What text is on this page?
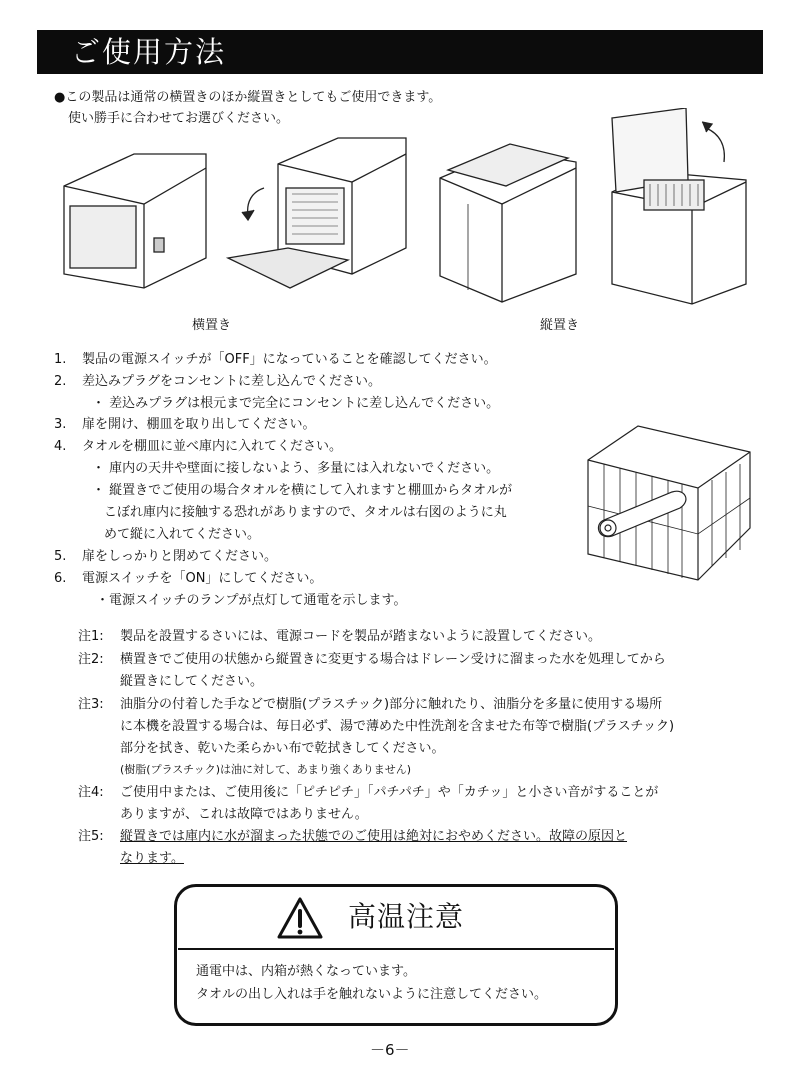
ご使用方法
●この製品は通常の横置きのほか縦置きとしてもご使用できます。
使い勝手に合わせてお選びください。
横置き	縦置き
1. 製品の電源スイッチが「OFF」になっていることを確認してください。
2. 差込みプラグをコンセントに差し込んでください。
・ 差込みプラグは根元まで完全にコンセントに差し込んでください。
3. 扉を開け、棚皿を取り出してください。
4. タオルを棚皿に並べ庫内に入れてください。
・ 庫内の天井や壁面に接しないよう、多量には入れないでください。
・ 縦置きでご使用の場合タオルを横にして入れますと棚皿からタオルが
こぼれ庫内に接触する恐れがありますので、タオルは右図のように丸
めて縦に入れてください。
5. 扉をしっかりと閉めてください。
6. 電源スイッチを「ON」にしてください。
・電源スイッチのランプが点灯して通電を示します。
注1: 製品を設置するさいには、電源コードを製品が踏まないように設置してください。
注2: 横置きでご使用の状態から縦置きに変更する場合はドレーン受けに溜まった水を処理してから
縦置きにしてください。
注3: 油脂分の付着した手などで樹脂(プラスチック)部分に触れたり、油脂分を多量に使用する場所
に本機を設置する場合は、毎日必ず、湯で薄めた中性洗剤を含ませた布等で樹脂(プラスチック)
部分を拭き、乾いた柔らかい布で乾拭きしてください。
(樹脂(プラスチック)は油に対して、あまり強くありません)
注4: ご使用中または、ご使用後に「ピチピチ」「パチパチ」や「カチッ」と小さい音がすることが
ありますが、これは故障ではありません。
注5: 縦置きでは庫内に水が溜まった状態でのご使用は絶対におやめください。故障の原因と
なります。
高温注意
通電中は、内箱が熱くなっています。
タオルの出し入れは手を触れないように注意してください。
－6－
